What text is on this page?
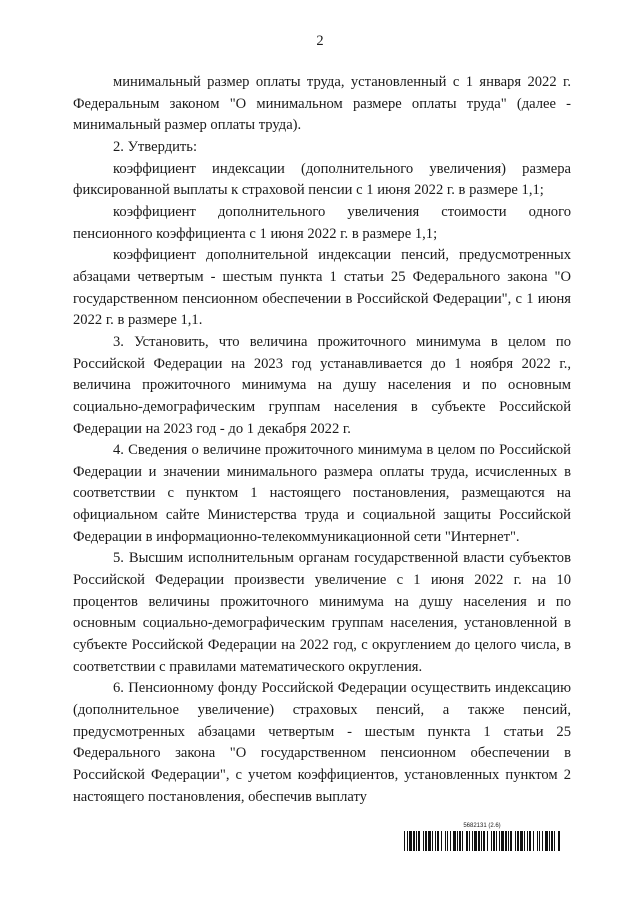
2

минимальный размер оплаты труда, установленный с 1 января 2022 г. Федеральным законом "О минимальном размере оплаты труда" (далее - минимальный размер оплаты труда).

2. Утвердить:

коэффициент индексации (дополнительного увеличения) размера фиксированной выплаты к страховой пенсии с 1 июня 2022 г. в размере 1,1;

коэффициент дополнительного увеличения стоимости одного пенсионного коэффициента с 1 июня 2022 г. в размере 1,1;

коэффициент дополнительной индексации пенсий, предусмотренных абзацами четвертым - шестым пункта 1 статьи 25 Федерального закона "О государственном пенсионном обеспечении в Российской Федерации", с 1 июня 2022 г. в размере 1,1.

3. Установить, что величина прожиточного минимума в целом по Российской Федерации на 2023 год устанавливается до 1 ноября 2022 г., величина прожиточного минимума на душу населения и по основным социально-демографическим группам населения в субъекте Российской Федерации на 2023 год - до 1 декабря 2022 г.

4. Сведения о величине прожиточного минимума в целом по Российской Федерации и значении минимального размера оплаты труда, исчисленных в соответствии с пунктом 1 настоящего постановления, размещаются на официальном сайте Министерства труда и социальной защиты Российской Федерации в информационно-телекоммуникационной сети "Интернет".

5. Высшим исполнительным органам государственной власти субъектов Российской Федерации произвести увеличение с 1 июня 2022 г. на 10 процентов величины прожиточного минимума на душу населения и по основным социально-демографическим группам населения, установленной в субъекте Российской Федерации на 2022 год, с округлением до целого числа, в соответствии с правилами математического округления.

6. Пенсионному фонду Российской Федерации осуществить индексацию (дополнительное увеличение) страховых пенсий, а также пенсий, предусмотренных абзацами четвертым - шестым пункта 1 статьи 25 Федерального закона "О государственном пенсионном обеспечении в Российской Федерации", с учетом коэффициентов, установленных пунктом 2 настоящего постановления, обеспечив выплату

5682131 (2.6)
